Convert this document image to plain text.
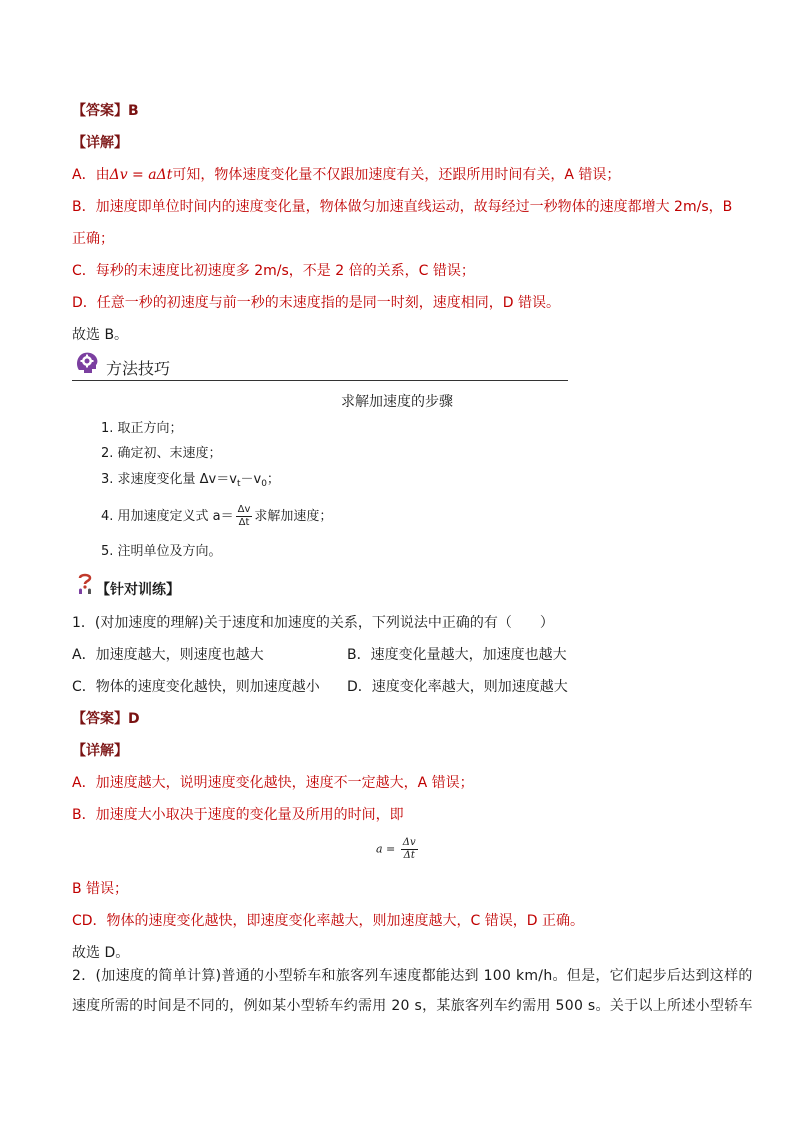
【答案】B
【详解】
A．由Δv = aΔt可知，物体速度变化量不仅跟加速度有关，还跟所用时间有关，A 错误；
B．加速度即单位时间内的速度变化量，物体做匀加速直线运动，故每经过一秒物体的速度都增大 2m/s，B
正确；
C．每秒的末速度比初速度多 2m/s，不是 2 倍的关系，C 错误；
D．任意一秒的初速度与前一秒的末速度指的是同一时刻，速度相同，D 错误。
故选 B。
方法技巧
求解加速度的步骤
1. 取正方向；
2. 确定初、末速度；
3. 求速度变化量 $\Delta v=v_t-v_0$；
4. 用加速度定义式 $a= \frac{\Delta v}{\Delta t}$ 求解加速度；
5. 注明单位及方向。
【针对训练】
1．(对加速度的理解)关于速度和加速度的关系，下列说法中正确的有（　　）
A．加速度越大，则速度也越大	B．速度变化量越大，加速度也越大
C．物体的速度变化越快，则加速度越小 D．速度变化率越大，则加速度越大
【答案】D
【详解】
A．加速度越大，说明速度变化越快，速度不一定越大，A 错误；
B．加速度大小取决于速度的变化量及所用的时间，即
$a = \frac{\Delta v}{\Delta t}$
B 错误；
CD．物体的速度变化越快，即速度变化率越大，则加速度越大，C 错误，D 正确。
故选 D。
2．(加速度的简单计算)普通的小型轿车和旅客列车速度都能达到 100 km/h。但是，它们起步后达到这样的
速度所需的时间是不同的，例如某小型轿车约需用 20 s，某旅客列车约需用 500 s。关于以上所述小型轿车
